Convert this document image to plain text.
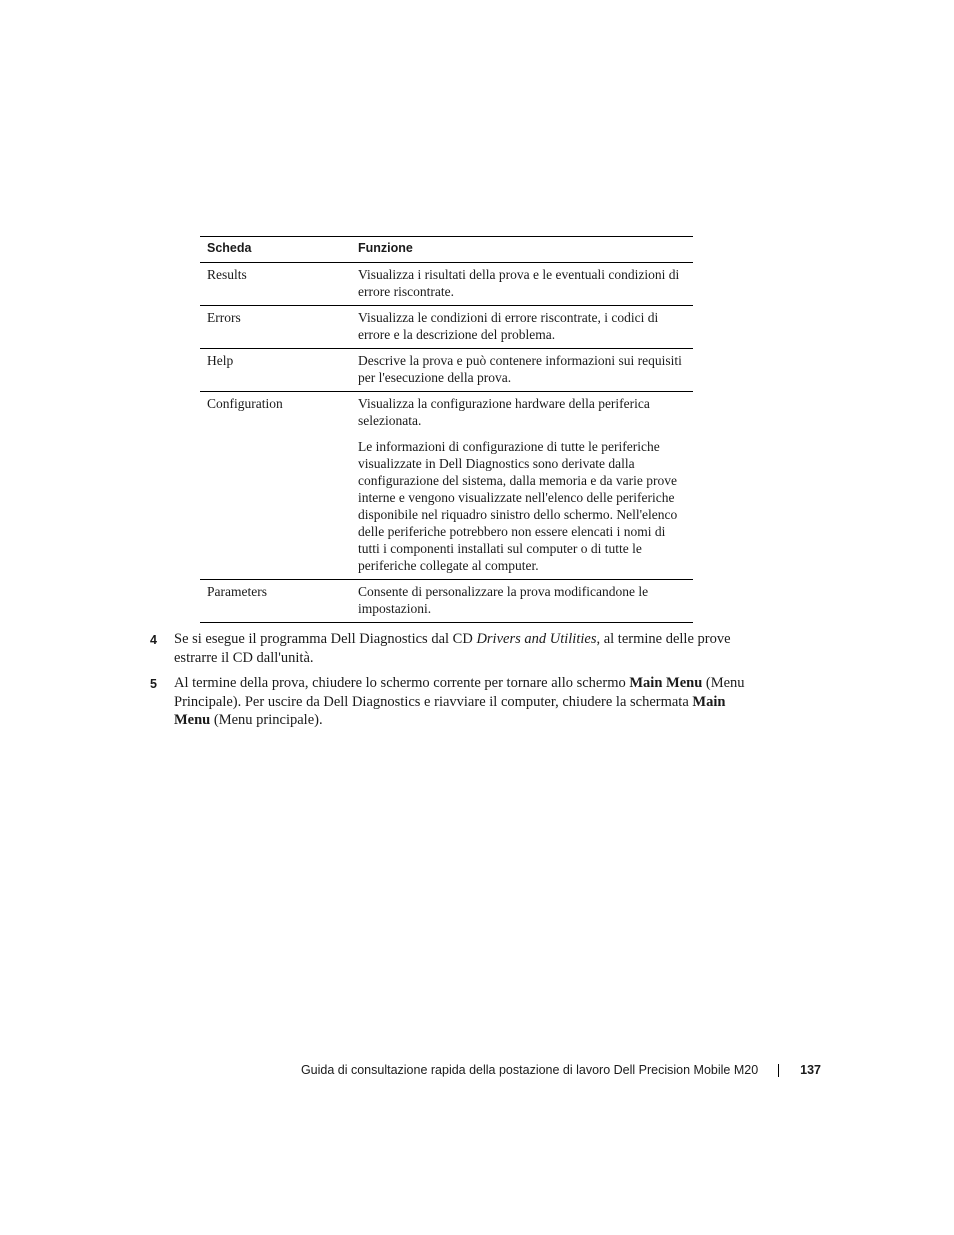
Scheda	Funzione
Results	Visualizza i risultati della prova e le eventuali condizioni di errore riscontrate.

Errors	Visualizza le condizioni di errore riscontrate, i codici di errore e la descrizione del problema.

Help	Descrive la prova e può contenere informazioni sui requisiti per l'esecuzione della prova.

Configuration	Visualizza la configurazione hardware della periferica selezionata.

Le informazioni di configurazione di tutte le periferiche visualizzate in Dell Diagnostics sono derivate dalla configurazione del sistema, dalla memoria e da varie prove interne e vengono visualizzate nell'elenco delle periferiche disponibile nel riquadro sinistro dello schermo. Nell'elenco delle periferiche potrebbero non essere elencati i nomi di tutti i componenti installati sul computer o di tutte le periferiche collegate al computer.

Parameters	Consente di personalizzare la prova modificandone le impostazioni.

4 Se si esegue il programma Dell Diagnostics dal CD Drivers and Utilities, al termine delle prove estrarre il CD dall'unità.
5 Al termine della prova, chiudere lo schermo corrente per tornare allo schermo Main Menu (Menu Principale). Per uscire da Dell Diagnostics e riavviare il computer, chiudere la schermata Main Menu (Menu principale).
Guida di consultazione rapida della postazione di lavoro Dell Precision Mobile M20	137
